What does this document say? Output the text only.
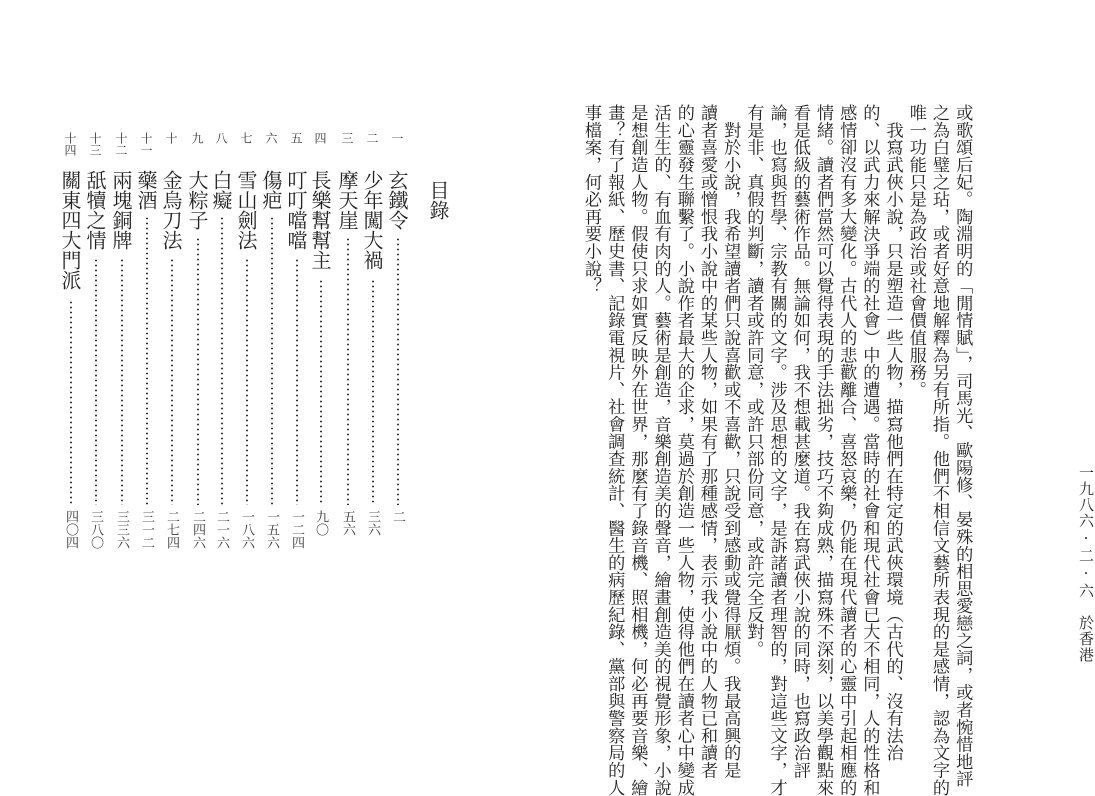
目錄
一
玄鐵令
二
二
少年闖大禍
三六
三
摩天崖
五六
四
長樂幫幫主
九〇
五
叮叮噹噹
一二四
六
傷疤
一五六
七
雪山劍法
一八六
八
白癡
二一六
九
大粽子
二四六
十
金烏刀法
二七四
十一
藥酒
三一二
十二
兩塊銅牌
三三六
十三
舐犢之情
三八〇
十四
關東四大門派
四〇四	或歌頌后妃。陶淵明的「閒情賦」，司馬光、歐陽修、晏殊的相思愛戀之詞，或者惋惜地評
之為白璧之玷，或者好意地解釋為另有所指。他們不相信文藝所表現的是感情，認為文字的
唯一功能只是為政治或社會價值服務。
　我寫武俠小說，只是塑造一些人物，描寫他們在特定的武俠環境（古代的、沒有法治
的、以武力來解決爭端的社會）中的遭遇。當時的社會和現代社會已大不相同，人的性格和
感情卻沒有多大變化。古代人的悲歡離合、喜怒哀樂，仍能在現代讀者的心靈中引起相應的
情緒。讀者們當然可以覺得表現的手法拙劣，技巧不夠成熟，描寫殊不深刻，以美學觀點來
看是低級的藝術作品。無論如何，我不想載甚麼道。我在寫武俠小說的同時，也寫政治評
論，也寫與哲學、宗教有關的文字。涉及思想的文字，是訴諸讀者理智的，對這些文字，才
有是非、真假的判斷，讀者或許同意，或許只部份同意，或許完全反對。
　對於小說，我希望讀者們只說喜歡或不喜歡，只說受到感動或覺得厭煩。我最高興的是
讀者喜愛或憎恨我小說中的某些人物，如果有了那種感情，表示我小說中的人物已和讀者
的心靈發生聯繫了。小說作者最大的企求，莫過於創造一些人物，使得他們在讀者心中變成
活生生的、有血有肉的人。藝術是創造，音樂創造美的聲音，繪畫創造美的視覺形象，小說
是想創造人物。假使只求如實反映外在世界，那麼有了錄音機、照相機，何必再要音樂、繪
畫？有了報紙、歷史書、記錄電視片、社會調查統計、醫生的病歷紀錄、黨部與警察局的人
事檔案，何必再要小說？
一九八六·二·六　於香港
